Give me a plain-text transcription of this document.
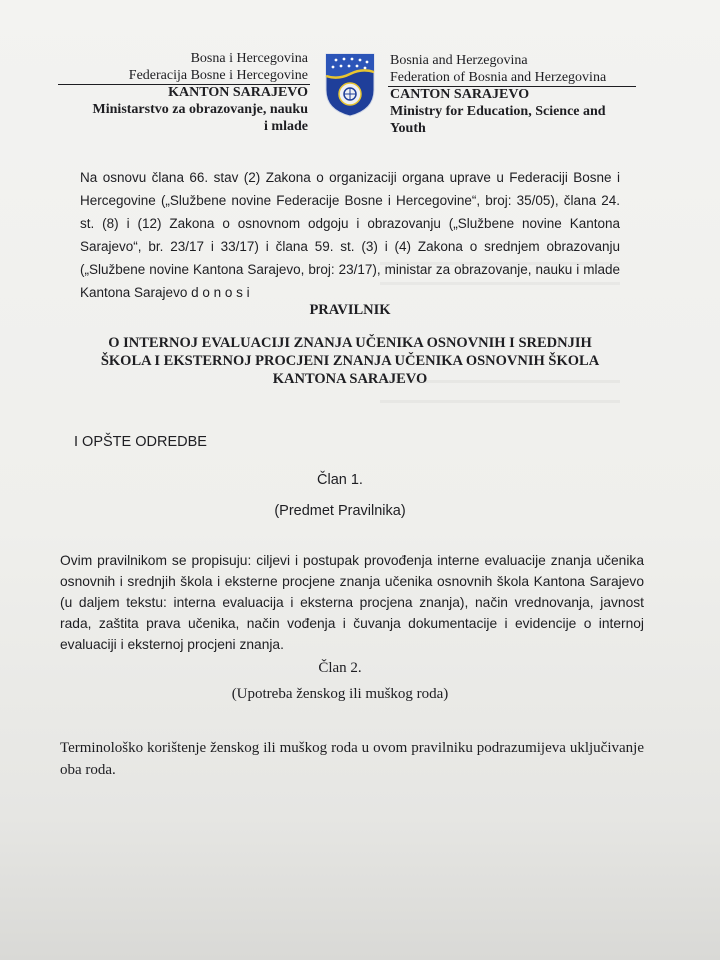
Bosna i Hercegovina
Federacija Bosne i Hercegovine
KANTON SARAJEVO
Ministarstvo za obrazovanje, nauku
i mlade
Bosnia and Herzegovina
Federation of Bosnia and Herzegovina
CANTON SARAJEVO
Ministry for Education, Science and
Youth

Na osnovu člana 66. stav (2) Zakona o organizaciji organa uprave u Federaciji Bosne i Hercegovine („Službene novine Federacije Bosne i Hercegovine“, broj: 35/05), člana 24. st. (8) i (12) Zakona o osnovnom odgoju i obrazovanju („Službene novine Kantona Sarajevo“, br. 23/17 i 33/17) i člana 59. st. (3) i (4) Zakona o srednjem obrazovanju („Službene novine Kantona Sarajevo, broj: 23/17), ministar za obrazovanje, nauku i mlade Kantona Sarajevo d o n o s i

PRAVILNIK
O INTERNOJ EVALUACIJI ZNANJA UČENIKA OSNOVNIH I SREDNJIH ŠKOLA I EKSTERNOJ PROCJENI ZNANJA UČENIKA OSNOVNIH ŠKOLA KANTONA SARAJEVO
I OPŠTE ODREDBE
Član 1.
(Predmet Pravilnika)

Ovim pravilnikom se propisuju: ciljevi i postupak provođenja interne evaluacije znanja učenika osnovnih i srednjih škola i eksterne procjene znanja učenika osnovnih škola Kantona Sarajevo (u daljem tekstu: interna evaluacija i eksterna procjena znanja), način vrednovanja, javnost rada, zaštita prava učenika, način vođenja i čuvanja dokumentacije i evidencije o internoj evaluaciji i eksternoj procjeni znanja.

Član 2.
(Upotreba ženskog ili muškog roda)

Terminološko korištenje ženskog ili muškog roda u ovom pravilniku podrazumijeva uključivanje oba roda.
